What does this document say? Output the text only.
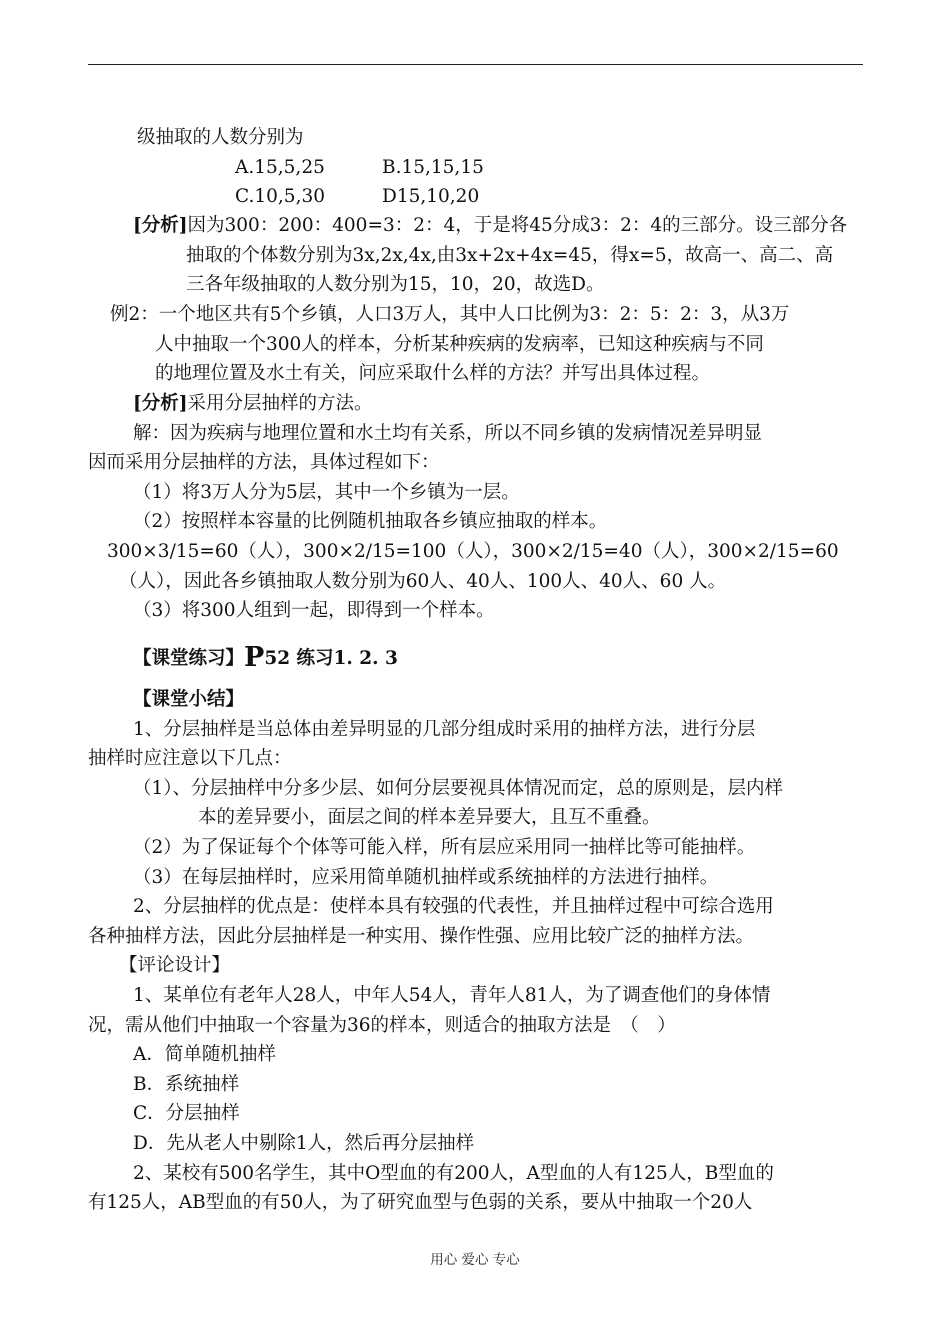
级抽取的人数分别为
A.15,5,25	B.15,15,15
C.10,5,30	D15,10,20
[分析]因为300：200：400=3：2：4，于是将45分成3：2：4的三部分。设三部分各
抽取的个体数分别为3x,2x,4x,由3x+2x+4x=45，得x=5，故高一、高二、高
三各年级抽取的人数分别为15，10，20，故选D。
例2：一个地区共有5个乡镇，人口3万人，其中人口比例为3：2：5：2：3，从3万
人中抽取一个300人的样本，分析某种疾病的发病率，已知这种疾病与不同
的地理位置及水土有关，问应采取什么样的方法？并写出具体过程。
[分析]采用分层抽样的方法。
解：因为疾病与地理位置和水土均有关系，所以不同乡镇的发病情况差异明显
因而采用分层抽样的方法，具体过程如下：
（1）将3万人分为5层，其中一个乡镇为一层。
（2）按照样本容量的比例随机抽取各乡镇应抽取的样本。
300×3/15=60（人），300×2/15=100（人），300×2/15=40（人），300×2/15=60
（人），因此各乡镇抽取人数分别为60人、40人、100人、40人、60 人。
（3）将300人组到一起，即得到一个样本。
【课堂练习】P52 练习1. 2. 3
【课堂小结】
1、分层抽样是当总体由差异明显的几部分组成时采用的抽样方法，进行分层
抽样时应注意以下几点：
（1）、分层抽样中分多少层、如何分层要视具体情况而定，总的原则是，层内样
本的差异要小，面层之间的样本差异要大，且互不重叠。
（2）为了保证每个个体等可能入样，所有层应采用同一抽样比等可能抽样。
（3）在每层抽样时，应采用简单随机抽样或系统抽样的方法进行抽样。
2、分层抽样的优点是：使样本具有较强的代表性，并且抽样过程中可综合选用
各种抽样方法，因此分层抽样是一种实用、操作性强、应用比较广泛的抽样方法。
【评论设计】
1、某单位有老年人28人，中年人54人，青年人81人，为了调查他们的身体情
况，需从他们中抽取一个容量为36的样本，则适合的抽取方法是　（　）
A．简单随机抽样
B．系统抽样
C．分层抽样
D．先从老人中剔除1人，然后再分层抽样
2、某校有500名学生，其中O型血的有200人，A型血的人有125人，B型血的
有125人，AB型血的有50人，为了研究血型与色弱的关系，要从中抽取一个20人
用心 爱心 专心
